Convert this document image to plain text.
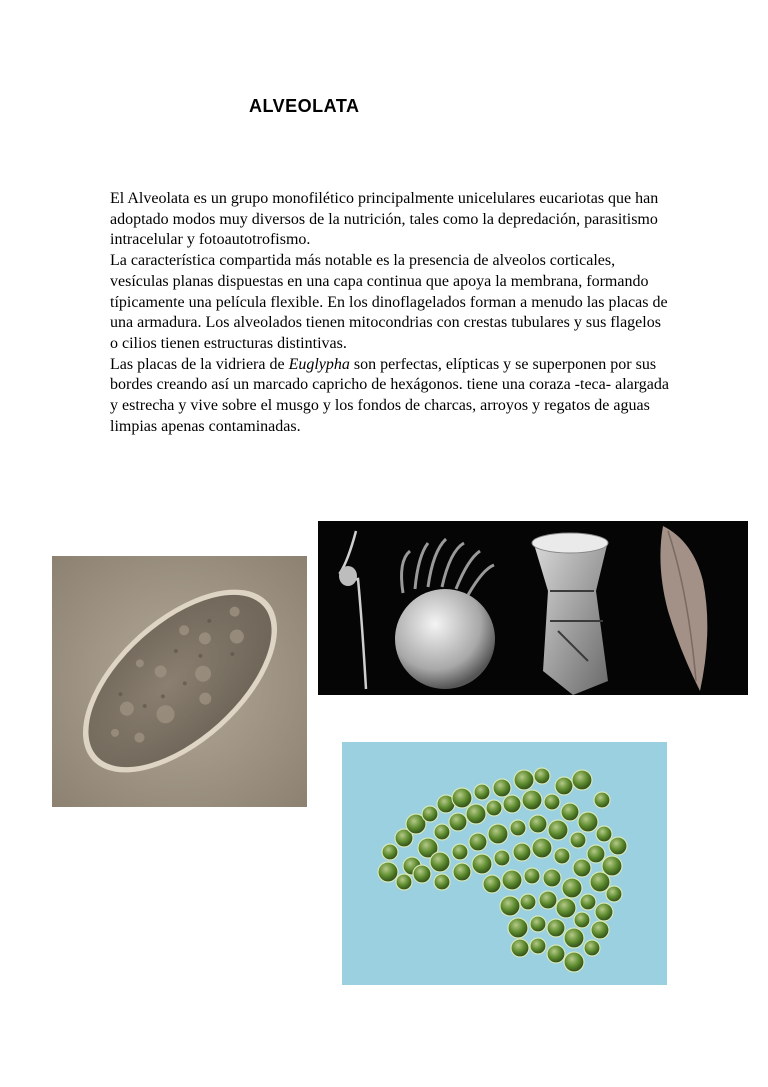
ALVEOLATA

El Alveolata es un grupo monofilético principalmente unicelulares eucariotas que han adoptado modos muy diversos de la nutrición, tales como la depredación, parasitismo intracelular y fotoautotrofismo.

La característica compartida más notable es la presencia de alveolos corticales, vesículas planas dispuestas en una capa continua que apoya la membrana, formando típicamente una película flexible. En los dinoflagelados forman a menudo las placas de una armadura. Los alveolados tienen mitocondrias con crestas tubulares y sus flagelos o cilios tienen estructuras distintivas.

Las placas de la vidriera de Euglypha son perfectas, elípticas y se superponen por sus bordes creando así un marcado capricho de hexágonos. tiene una coraza -teca- alargada y estrecha y vive sobre el musgo y los fondos de charcas, arroyos y regatos de aguas limpias apenas contaminadas.
